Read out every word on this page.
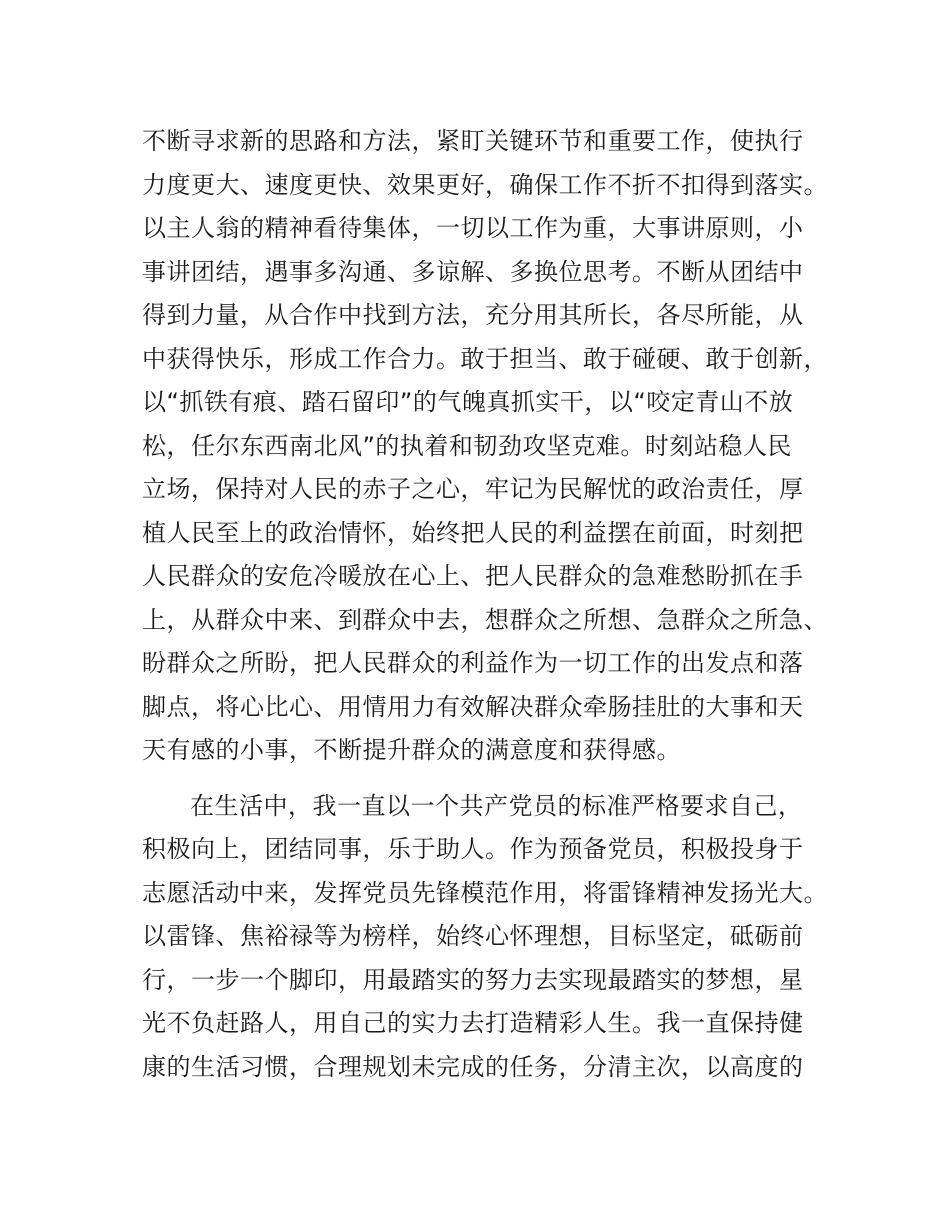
不断寻求新的思路和方法，紧盯关键环节和重要工作，使执行
力度更大、速度更快、效果更好，确保工作不折不扣得到落实。
以主人翁的精神看待集体，一切以工作为重，大事讲原则，小
事讲团结，遇事多沟通、多谅解、多换位思考。不断从团结中
得到力量，从合作中找到方法，充分用其所长，各尽所能，从
中获得快乐，形成工作合力。敢于担当、敢于碰硬、敢于创新，
以“抓铁有痕、踏石留印”的气魄真抓实干，以“咬定青山不放
松，任尔东西南北风”的执着和韧劲攻坚克难。时刻站稳人民
立场，保持对人民的赤子之心，牢记为民解忧的政治责任，厚
植人民至上的政治情怀，始终把人民的利益摆在前面，时刻把
人民群众的安危冷暖放在心上、把人民群众的急难愁盼抓在手
上，从群众中来、到群众中去，想群众之所想、急群众之所急、
盼群众之所盼，把人民群众的利益作为一切工作的出发点和落
脚点，将心比心、用情用力有效解决群众牵肠挂肚的大事和天
天有感的小事，不断提升群众的满意度和获得感。
在生活中，我一直以一个共产党员的标准严格要求自己，
积极向上，团结同事，乐于助人。作为预备党员，积极投身于
志愿活动中来，发挥党员先锋模范作用，将雷锋精神发扬光大。
以雷锋、焦裕禄等为榜样，始终心怀理想，目标坚定，砥砺前
行，一步一个脚印，用最踏实的努力去实现最踏实的梦想，星
光不负赶路人，用自己的实力去打造精彩人生。我一直保持健
康的生活习惯，合理规划未完成的任务，分清主次，以高度的
